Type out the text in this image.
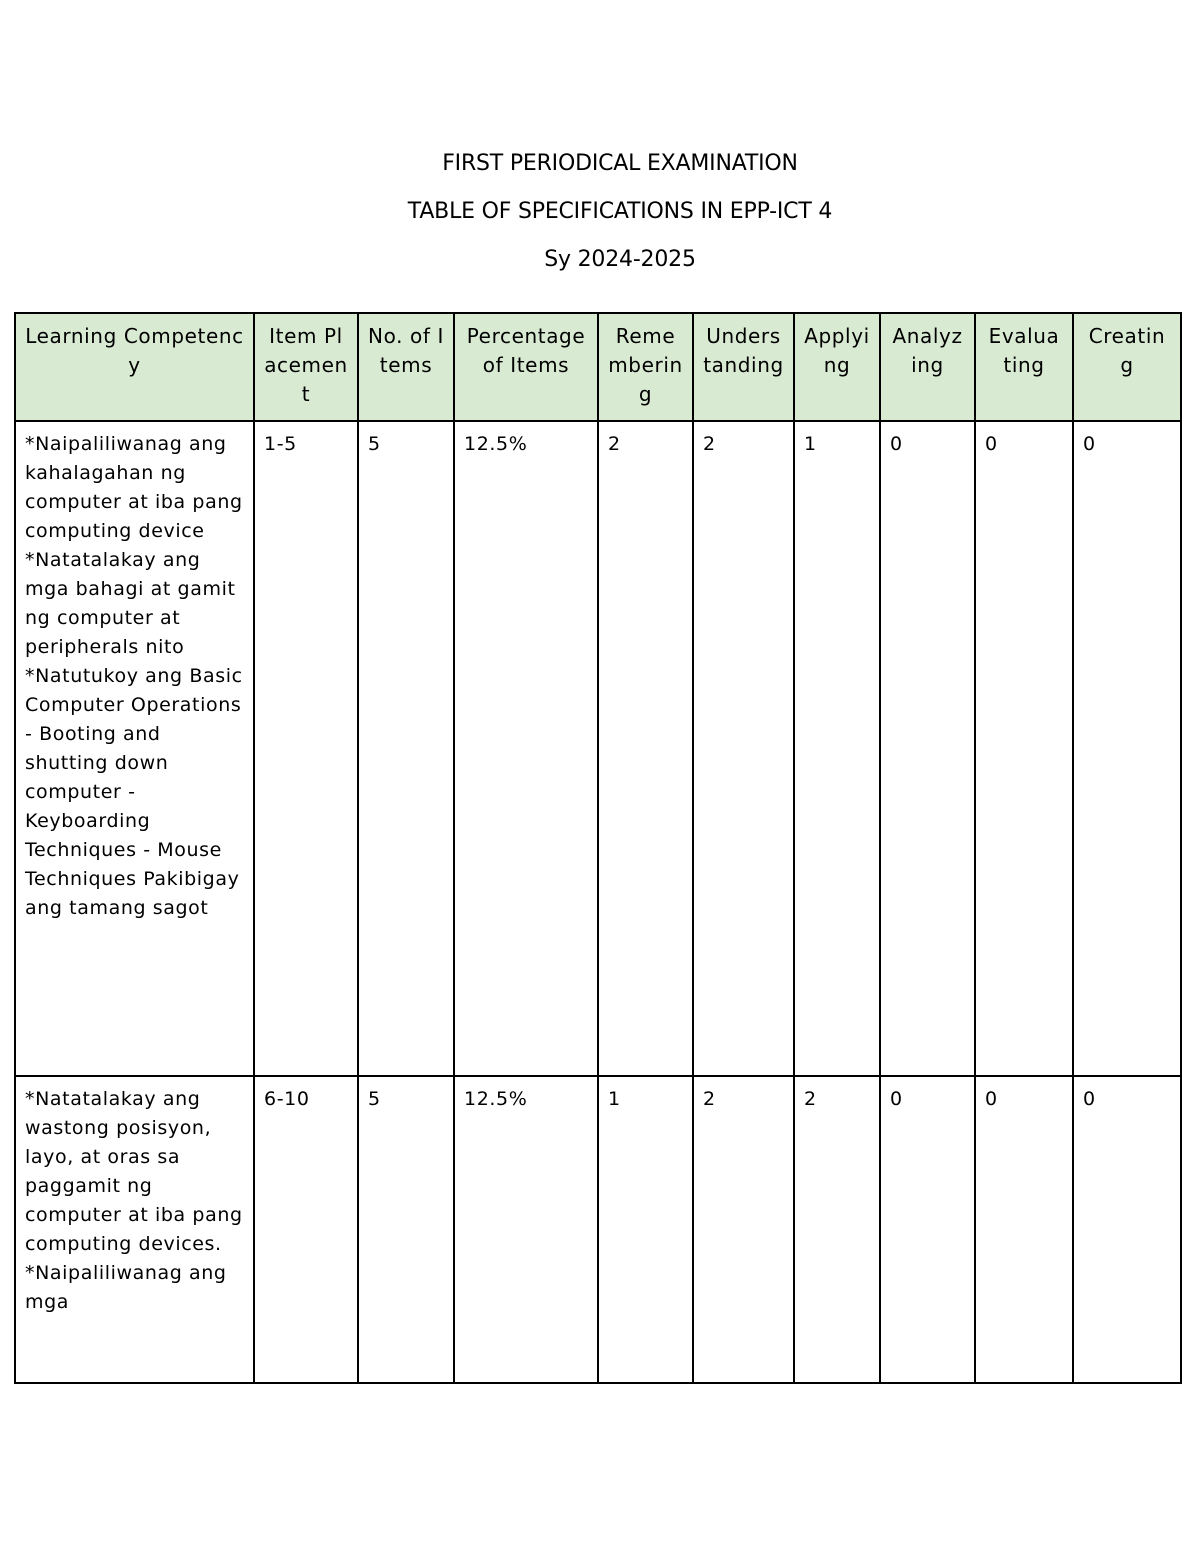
FIRST PERIODICAL EXAMINATION
TABLE OF SPECIFICATIONS IN EPP-ICT 4
Sy 2024-2025
Learning Competency	Item Placement	No. of Items	Percentage of Items	Remembering	Understanding	Applying	Analyzing	Evaluating	Creating
*Naipaliliwanag ang kahalagahan ng computer at iba pang computing device *Natatalakay ang mga bahagi at gamit ng computer at peripherals nito *Natutukoy ang Basic Computer Operations - Booting and shutting down computer - Keyboarding Techniques - Mouse Techniques Pakibigay ang tamang sagot	1-5	5	12.5%	2	2	1	0	0	0
*Natatalakay ang wastong posisyon, layo, at oras sa paggamit ng computer at iba pang computing devices. *Naipaliliwanag ang mga	6-10	5	12.5%	1	2	2	0	0	0
